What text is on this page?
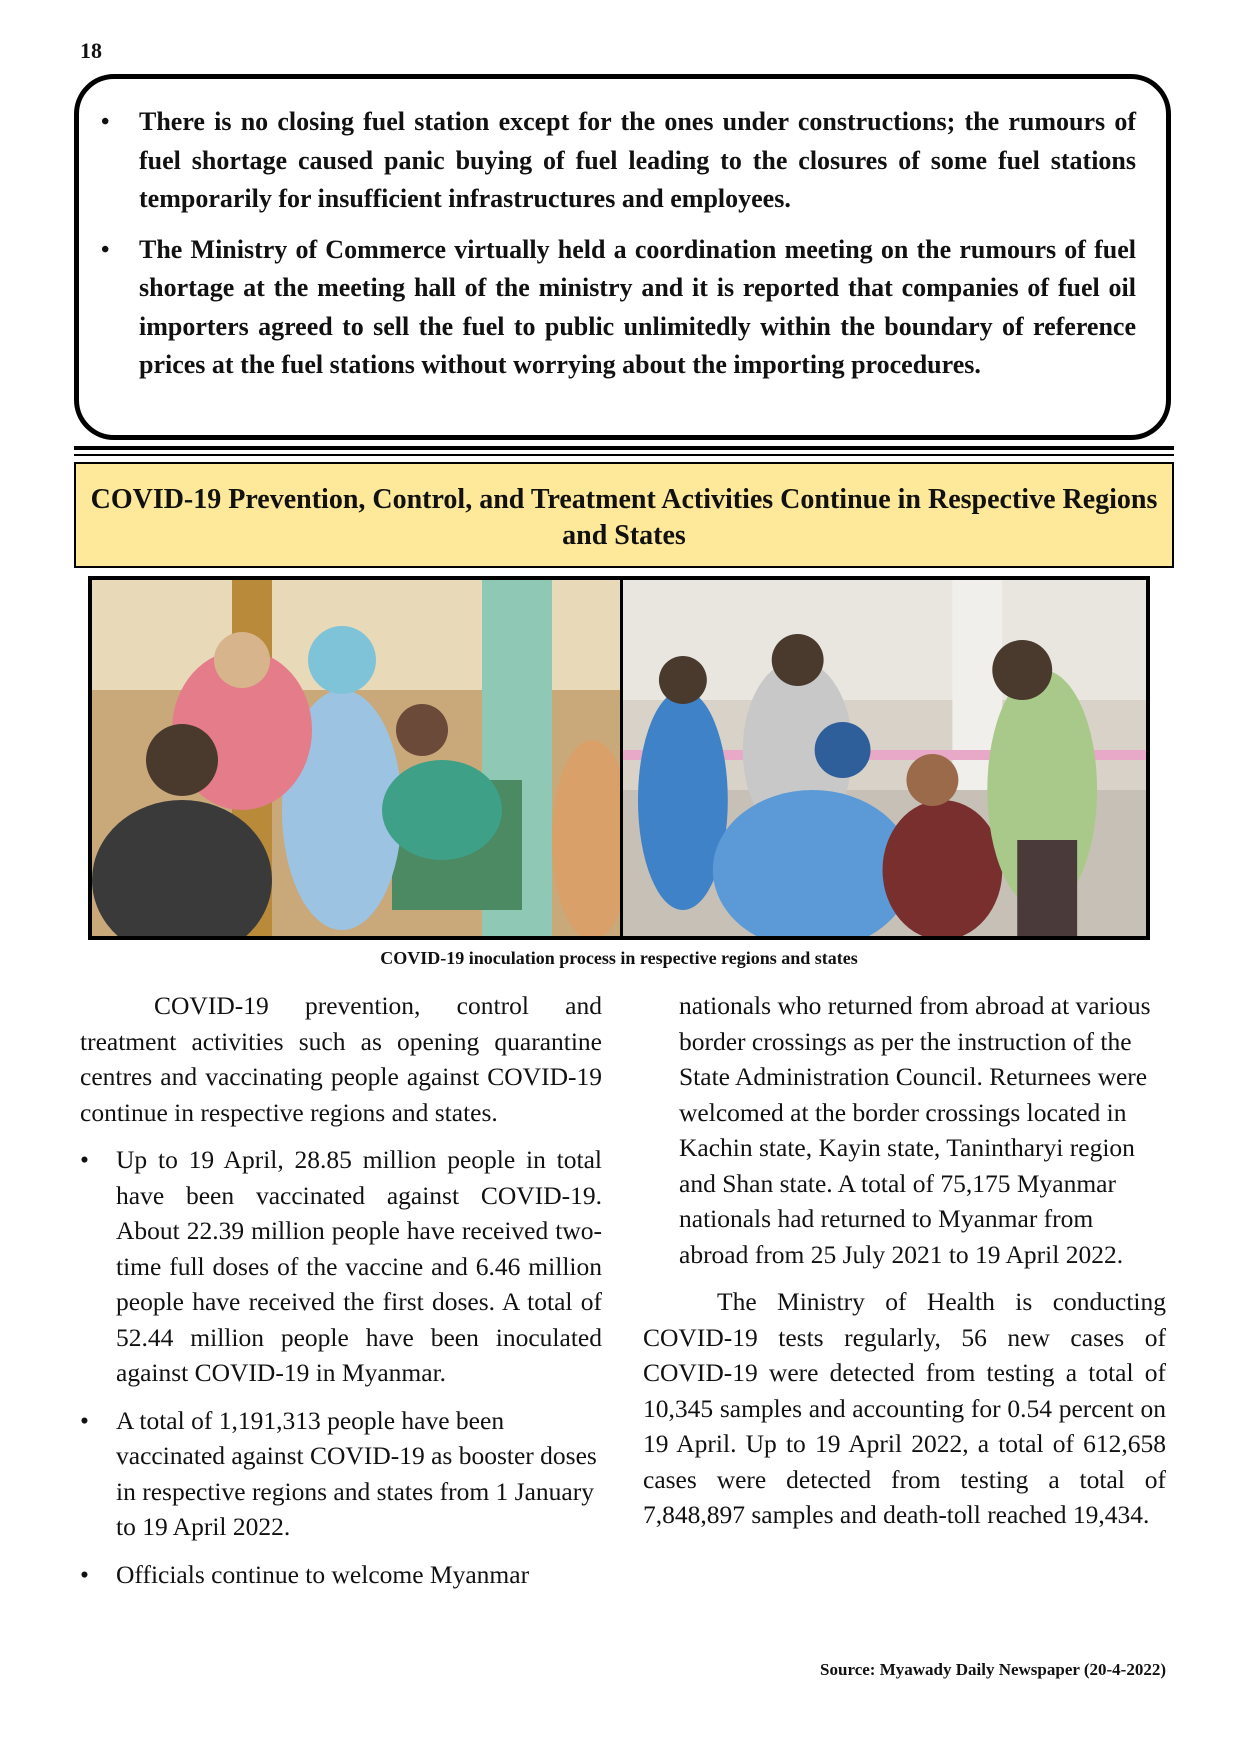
18
• There is no closing fuel station except for the ones under constructions; the rumours of fuel shortage caused panic buying of fuel leading to the closures of some fuel stations temporarily for insufficient infrastructures and employees.
• The Ministry of Commerce virtually held a coordination meeting on the rumours of fuel shortage at the meeting hall of the ministry and it is reported that companies of fuel oil importers agreed to sell the fuel to public unlimitedly within the boundary of reference prices at the fuel stations without worrying about the importing procedures.
COVID-19 Prevention, Control, and Treatment Activities Continue in Respective Regions and States
COVID-19 inoculation process in respective regions and states

COVID-19 prevention, control and treatment activities such as opening quarantine centres and vaccinating people against COVID-19 continue in respective regions and states.

• Up to 19 April, 28.85 million people in total have been vaccinated against COVID-19. About 22.39 million people have received two-time full doses of the vaccine and 6.46 million people have received the first doses. A total of 52.44 million people have been inoculated against COVID-19 in Myanmar.
• A total of 1,191,313 people have been vaccinated against COVID-19 as booster doses in respective regions and states from 1 January to 19 April 2022.
• Officials continue to welcome Myanmar

nationals who returned from abroad at various border crossings as per the instruction of the State Administration Council. Returnees were welcomed at the border crossings located in Kachin state, Kayin state, Tanintharyi region and Shan state. A total of 75,175 Myanmar nationals had returned to Myanmar from abroad from 25 July 2021 to 19 April 2022.

The Ministry of Health is conducting COVID-19 tests regularly, 56 new cases of COVID-19 were detected from testing a total of 10,345 samples and accounting for 0.54 percent on 19 April. Up to 19 April 2022, a total of 612,658 cases were detected from testing a total of 7,848,897 samples and death-toll reached 19,434.

Source: Myawady Daily Newspaper (20-4-2022)
